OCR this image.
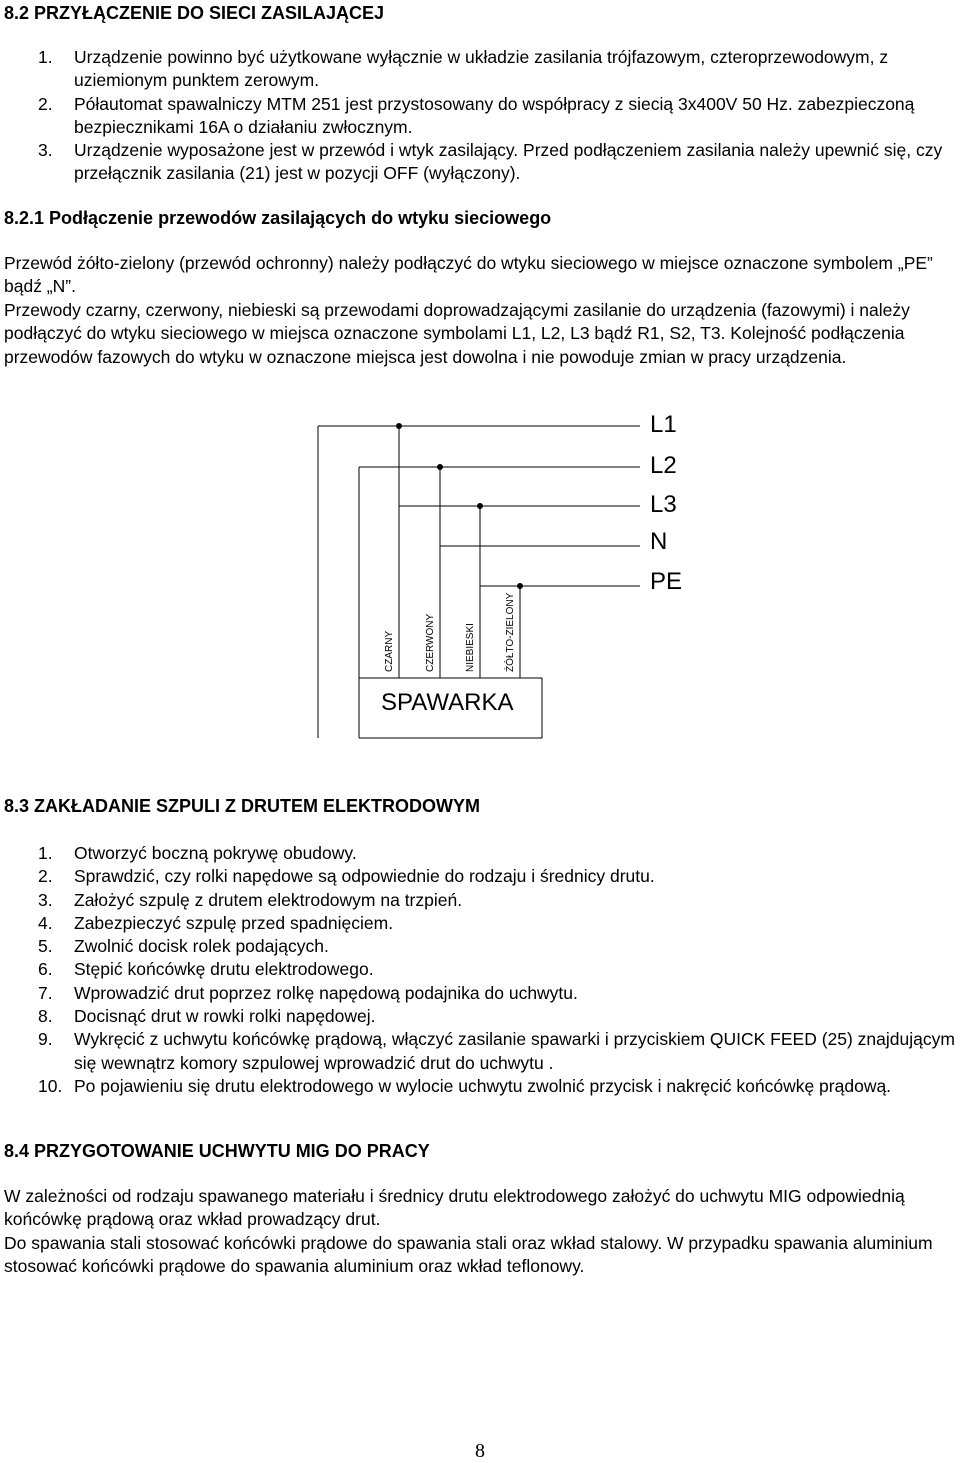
8.2 PRZYŁĄCZENIE DO SIECI ZASILAJĄCEJ
1. Urządzenie powinno być użytkowane wyłącznie w układzie zasilania trójfazowym, czteroprzewodowym, z uziemionym punktem zerowym.
2. Półautomat spawalniczy MTM 251 jest przystosowany do współpracy z siecią 3x400V 50 Hz. zabezpieczoną bezpiecznikami 16A o działaniu zwłocznym.
3. Urządzenie wyposażone jest w przewód i wtyk zasilający. Przed podłączeniem zasilania należy upewnić się, czy przełącznik zasilania (21) jest w pozycji OFF (wyłączony).
8.2.1 Podłączenie przewodów zasilających do wtyku sieciowego

Przewód żółto-zielony (przewód ochronny) należy podłączyć do wtyku sieciowego w miejsce oznaczone symbolem „PE” bądź „N”.

Przewody czarny, czerwony, niebieski są przewodami doprowadzającymi zasilanie do urządzenia (fazowymi) i należy podłączyć do wtyku sieciowego w miejsca oznaczone symbolami L1, L2, L3 bądź R1, S2, T3. Kolejność podłączenia przewodów fazowych do wtyku w oznaczone miejsca jest dowolna i nie powoduje zmian w pracy urządzenia.

L1
L2
L3
N
PE
CZARNY	CZERWONY	NIEBIESKI	ŻÓŁTO-ZIELONY
SPAWARKA
8.3 ZAKŁADANIE SZPULI Z DRUTEM ELEKTRODOWYM
1. Otworzyć boczną pokrywę obudowy.
2. Sprawdzić, czy rolki napędowe są odpowiednie do rodzaju i średnicy drutu.
3. Założyć szpulę z drutem elektrodowym na trzpień.
4. Zabezpieczyć szpulę przed spadnięciem.
5. Zwolnić docisk rolek podających.
6. Stępić końcówkę drutu elektrodowego.
7. Wprowadzić drut poprzez rolkę napędową podajnika do uchwytu.
8. Docisnąć drut w rowki rolki napędowej.
9. Wykręcić z uchwytu końcówkę prądową, włączyć zasilanie spawarki i przyciskiem QUICK FEED (25) znajdującym się wewnątrz komory szpulowej wprowadzić drut do uchwytu .
10. Po pojawieniu się drutu elektrodowego w wylocie uchwytu zwolnić przycisk i nakręcić końcówkę prądową.
8.4 PRZYGOTOWANIE UCHWYTU MIG DO PRACY

W zależności od rodzaju spawanego materiału i średnicy drutu elektrodowego założyć do uchwytu MIG odpowiednią końcówkę prądową oraz wkład prowadzący drut.

Do spawania stali stosować końcówki prądowe do spawania stali oraz wkład stalowy. W przypadku spawania aluminium stosować końcówki prądowe do spawania aluminium oraz wkład teflonowy.

8
